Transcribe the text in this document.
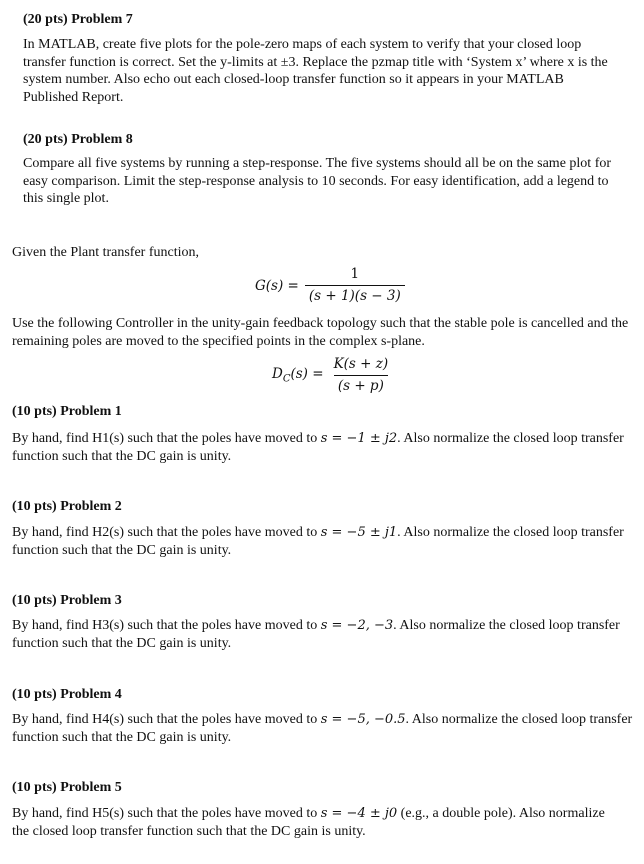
(20 pts) Problem 7
In MATLAB, create five plots for the pole-zero maps of each system to verify that your closed loop transfer function is correct. Set the y-limits at ±3. Replace the pzmap title with ‘System x’ where x is the system number. Also echo out each closed-loop transfer function so it appears in your MATLAB Published Report.
(20 pts) Problem 8
Compare all five systems by running a step-response. The five systems should all be on the same plot for easy comparison. Limit the step-response analysis to 10 seconds. For easy identification, add a legend to this single plot.
Given the Plant transfer function,
$G(s) = \frac{1}{(s + 1)(s - 3)}$
Use the following Controller in the unity-gain feedback topology such that the stable pole is cancelled and the remaining poles are moved to the specified points in the complex s-plane.
$D_C(s) = \frac{K(s + z)}{(s + p)}$
(10 pts) Problem 1
By hand, find H1(s) such that the poles have moved to s = −1 ± j2. Also normalize the closed loop transfer function such that the DC gain is unity.
(10 pts) Problem 2
By hand, find H2(s) such that the poles have moved to s = −5 ± j1. Also normalize the closed loop transfer function such that the DC gain is unity.
(10 pts) Problem 3
By hand, find H3(s) such that the poles have moved to s = −2, −3. Also normalize the closed loop transfer function such that the DC gain is unity.
(10 pts) Problem 4
By hand, find H4(s) such that the poles have moved to s = −5, −0.5. Also normalize the closed loop transfer function such that the DC gain is unity.
(10 pts) Problem 5
By hand, find H5(s) such that the poles have moved to s = −4 ± j0 (e.g., a double pole). Also normalize the closed loop transfer function such that the DC gain is unity.
